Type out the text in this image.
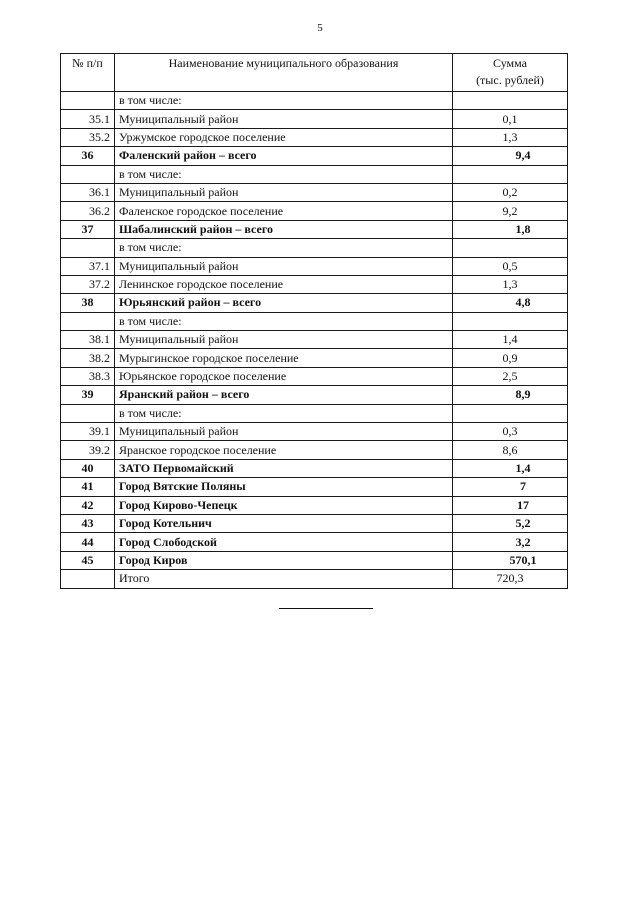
5
№ п/п	Наименование муниципального образования	Сумма
(тыс. рублей)

	в том числе:	
35.1	Муниципальный район	0,1
35.2	Уржумское городское поселение	1,3
36	Фаленский район – всего	9,4
	в том числе:	
36.1	Муниципальный район	0,2
36.2	Фаленское городское поселение	9,2
37	Шабалинский район – всего	1,8
	в том числе:	
37.1	Муниципальный район	0,5
37.2	Ленинское городское поселение	1,3
38	Юрьянский район – всего	4,8
	в том числе:	
38.1	Муниципальный район	1,4
38.2	Мурыгинское городское поселение	0,9
38.3	Юрьянское городское поселение	2,5
39	Яранский район – всего	8,9
	в том числе:	
39.1	Муниципальный район	0,3
39.2	Яранское городское поселение	8,6
40	ЗАТО Первомайский	1,4
41	Город Вятские Поляны	7
42	Город Кирово-Чепецк	17
43	Город Котельнич	5,2
44	Город Слободской	3,2
45	Город Киров	570,1
	Итого	720,3
